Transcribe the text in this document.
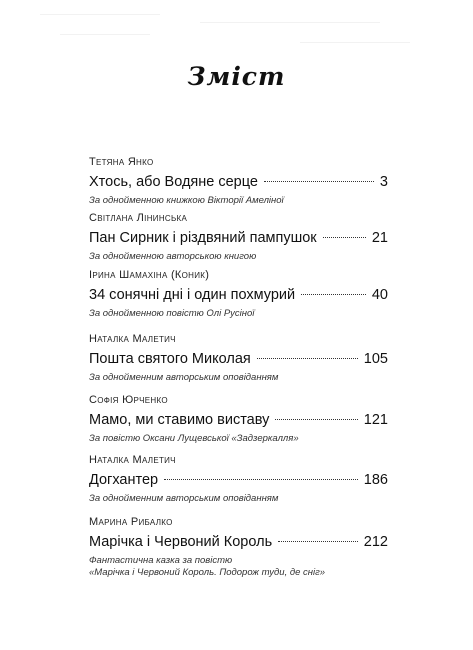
Зміст
Тетяна Янко
Хтось, або Водяне серце	3
За однойменною книжкою Вікторії Амеліної
Світлана Лінинська
Пан Сирник і різдвяний пампушок	21
За однойменною авторською книгою
Ірина Шамахіна (Коник)
34 сонячні дні і один похмурий	40
За однойменною повістю Олі Русіної
Наталка Малетич
Пошта святого Миколая	105
За однойменним авторським оповіданням
Софія Юрченко
Мамо, ми ставимо виставу	121
За повістю Оксани Лущевської «Задзеркалля»
Наталка Малетич
Догхантер	186
За однойменним авторським оповіданням
Марина Рибалко
Марічка і Червоний Король	212
Фантастична казка за повістю
«Марічка і Червоний Король. Подорож туди, де сніг»
